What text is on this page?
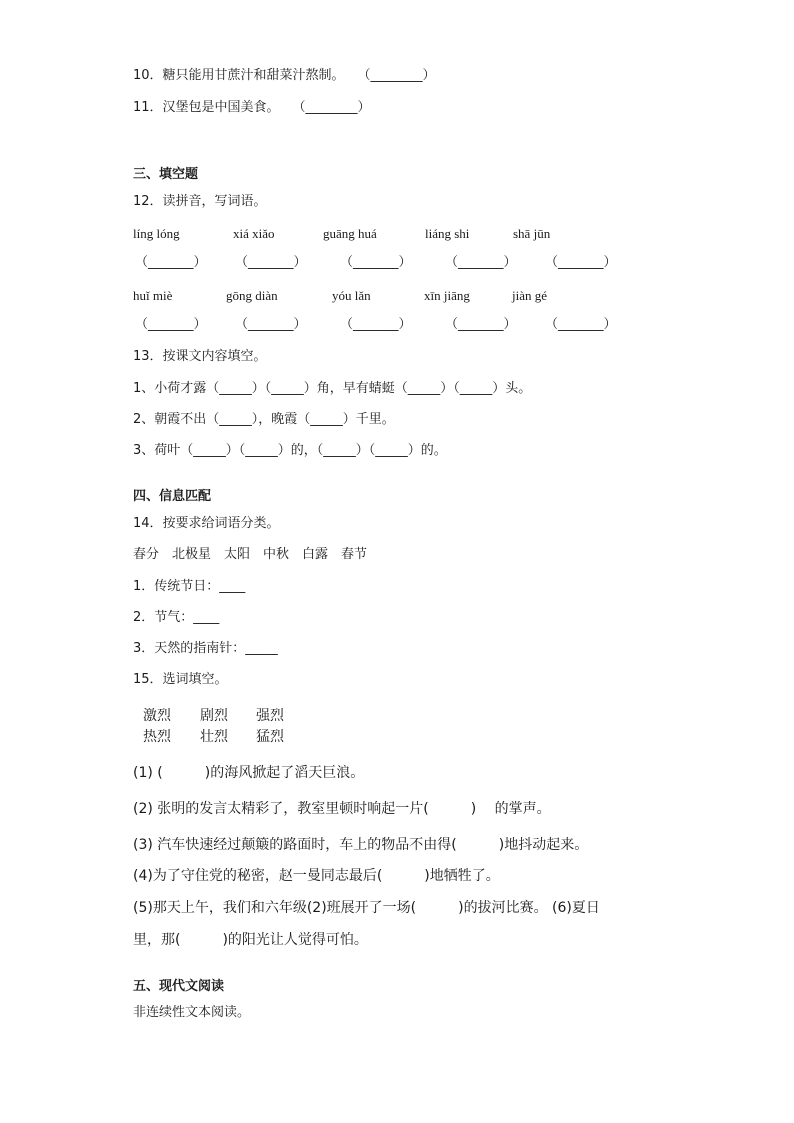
10．糖只能用甘蔗汁和甜菜汁熬制。　　（________）
11．汉堡包是中国美食。　　（________）
三、填空题
12．读拼音，写词语。
líng lóng	xiá xiǎo	guāng huá	liáng shi	shā jūn
（_______） （_______）	（_______）	（_______） （_______）
huǐ miè	gōng diàn	yóu lǎn	xīn jiāng	jiàn gé
（_______） （_______）	（_______）	（_______） （_______）
13．按课文内容填空。
1、小荷才露（_____）（_____）角，早有蜻蜓（_____）（_____）头。
2、朝霞不出（_____），晚霞（_____）千里。
3、荷叶（_____）（_____）的，（_____）（_____）的。
四、信息匹配
14．按要求给词语分类。
春分　北极星　太阳　中秋　白露　春节
1．传统节日：____
2．节气：____
3．天然的指南针：_____
15．选词填空。
激烈 剧烈 强烈
热烈 壮烈 猛烈
(1) (　　　)的海风掀起了滔天巨浪。
(2) 张明的发言太精彩了，教室里顿时响起一片(　　　)　 的掌声。
(3) 汽车快速经过颠簸的路面时，车上的物品不由得(　　　)地抖动起来。
(4)为了守住党的秘密，赵一曼同志最后(　　　)地牺牲了。
(5)那天上午，我们和六年级(2)班展开了一场(　　　)的拔河比赛。 (6)夏日
里，那(　　　)的阳光让人觉得可怕。
五、现代文阅读
非连续性文本阅读。
